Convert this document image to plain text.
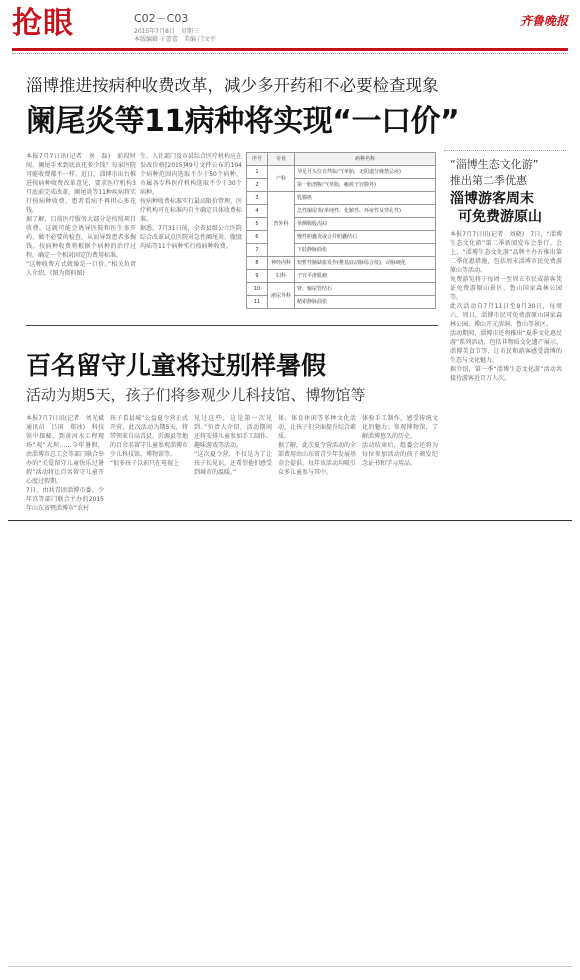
抢眼	C02－C03
2015年7月8日　星期三
本版编辑 于蕾蕾　美编 门文平
齐鲁晚报
淄博推进按病种收费改革，减少多开药和不必要检查现象
阑尾炎等11病种将实现“一口价”
本报7月7日讯(记者　刘　磊)　前段时间，阑尾手术到底该花多少钱？每家医院可能收费都不一样。近日，淄博市出台推进按病种收费改革意见，要求医疗机构3月底前完成改革，阑尾炎等11种疾病将实行按病种收费，患者看病不再担心多花钱。
据了解，目前医疗服务大部分是按照项目收费，这就可能会诱导医院和医生多开药、做不必要的检查，从而导致患者多掏钱。按病种收费将根据个病种的治疗过程，确定一个相对固定的费用标准。
“这种收费方式就像是一口价。”相关负责人介绍。(图为资料图)
生、人社部门及市县综合医疗机构应在发改价格[2015]49号文件公布的104个病种范围内选取不少于50个病种，市属各专科医疗机构选取不少于30个病种。
按病种收费标准实行最高限价管理，医疗机构可在标准内自主确定具体收费标准。
据悉，7月31日前，全省县级公立医院综合改革试点医院对急性阑尾炎、腹股沟疝等11个病种实行按病种收费。
序号	专业	病种名称
1	产科	孕足月头位自然临产(单胎，无阴道分娩禁忌症)
2		第一胎剖腹产(单胎，瘢痕子宫除外)
3	普外科	乳腺癌
4		急性阑尾炎(单纯性、化脓性、坏疽性及穿孔性)
5		单侧腹股沟疝
6		慢性胆囊炎或合并胆囊结石
7		下肢静脉曲张
8	神经内科	短暂性脑缺血发作(椎基底动脉综合征)，动脉硬化
9	妇科	子宫平滑肌瘤
10	泌尿外科	肾、输尿管结石
11		精索静脉曲张
“淄博生态文化游”
推出第二季优惠
淄博游客周末
可免费游原山
本报7月7日讯(记者　刘晓)　7日，“淄博生态文化游”第二季新闻发布会举行。会上，“淄博生态文化游”品牌主办方推出第二季优惠措施，包括周末淄博市民免费游原山等活动。
免费游览将于每周一至周五市民或游客凭证免费游原山景区、鲁山国家森林公园等。
此次活动自7月11日至9月30日，每周六、周日，淄博市民可免费游原山国家森林公园、博山开元溶洞、鲁山等景区。
活动期间，淄博市还将推出“夏季文化惠民游”系列活动，包括非物质文化遗产展示、淄博美食节等，让市民和游客感受淄博的生态与文化魅力。
据介绍，第一季“淄博生态文化游”活动共接待游客近百万人次。
百名留守儿童将过别样暑假
活动为期5天，孩子们将参观少儿科技馆、博物馆等
本报7月7日讯(记者　刘光斌　通讯员　吕国　郑冰)　科技馆中探秘、到黄河水工程现场“观”大坝……今年暑假，由淄博市总工会等部门联合举办的“关爱留守儿童快乐过暑假”活动将让百名留守儿童开心度过假期。
7日，由共青团淄博市委、少年宫等部门联合主办的2015年山东省暨淄博市“农村
孩子看县城”公益夏令营正式开营，此次活动为期5天，将带领来自高青县、沂源县等地的百余名留守儿童参观淄博市少儿科技馆、博物馆等。
“很多孩子以前只在电视上
见过这些，这是第一次见到。”负责人介绍，活动期间还将安排儿童参加手工制作、趣味游戏等活动。
“这次夏令营，不仅是为了让孩子长见识，还希望他们感受到城市的温暖。”
体、体育休闲等多种文化活动，让孩子们全面提升综合素质。
据了解，此次夏令营活动的全部费用由山东省青少年发展基金会提供，每年该活动均吸引众多儿童参与其中。
体验手工制作，感受传统文化的魅力；参观博物馆，了解淄博悠久的历史。
活动结束后，组委会还将为每位参加活动的孩子颁发纪念证书和学习用品。
